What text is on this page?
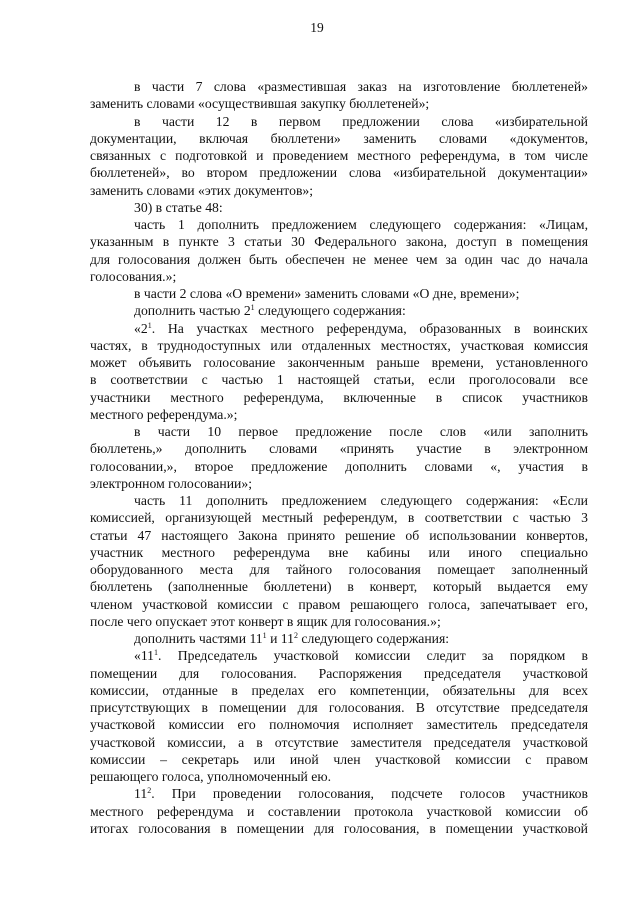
19
в части 7 слова «разместившая заказ на изготовление бюллетеней»
заменить словами «осуществившая закупку бюллетеней»;
в части 12 в первом предложении слова «избирательной
документации, включая бюллетени» заменить словами «документов,
связанных с подготовкой и проведением местного референдума, в том числе
бюллетеней», во втором предложении слова «избирательной документации»
заменить словами «этих документов»;
30) в статье 48:
часть 1 дополнить предложением следующего содержания: «Лицам,
указанным в пункте 3 статьи 30 Федерального закона, доступ в помещения
для голосования должен быть обеспечен не менее чем за один час до начала
голосования.»;
в части 2 слова «О времени» заменить словами «О дне, времени»;
дополнить частью $2^1$ следующего содержания:
«$2^1$. На участках местного референдума, образованных в воинских
частях, в труднодоступных или отдаленных местностях, участковая комиссия
может объявить голосование законченным раньше времени, установленного
в соответствии с частью 1 настоящей статьи, если проголосовали все
участники местного референдума, включенные в список участников
местного референдума.»;
в части 10 первое предложение после слов «или заполнить
бюллетень,» дополнить словами «принять участие в электронном
голосовании,», второе предложение дополнить словами «, участия в
электронном голосовании»;
часть 11 дополнить предложением следующего содержания: «Если
комиссией, организующей местный референдум, в соответствии с частью 3
статьи 47 настоящего Закона принято решение об использовании конвертов,
участник местного референдума вне кабины или иного специально
оборудованного места для тайного голосования помещает заполненный
бюллетень (заполненные бюллетени) в конверт, который выдается ему
членом участковой комиссии с правом решающего голоса, запечатывает его,
после чего опускает этот конверт в ящик для голосования.»;
дополнить частями $11^1$ и $11^2$ следующего содержания:
«$11^1$. Председатель участковой комиссии следит за порядком в
помещении для голосования. Распоряжения председателя участковой
комиссии, отданные в пределах его компетенции, обязательны для всех
присутствующих в помещении для голосования. В отсутствие председателя
участковой комиссии его полномочия исполняет заместитель председателя
участковой комиссии, а в отсутствие заместителя председателя участковой
комиссии – секретарь или иной член участковой комиссии с правом
решающего голоса, уполномоченный ею.
$11^2$. При проведении голосования, подсчете голосов участников
местного референдума и составлении протокола участковой комиссии об
итогах голосования в помещении для голосования, в помещении участковой
